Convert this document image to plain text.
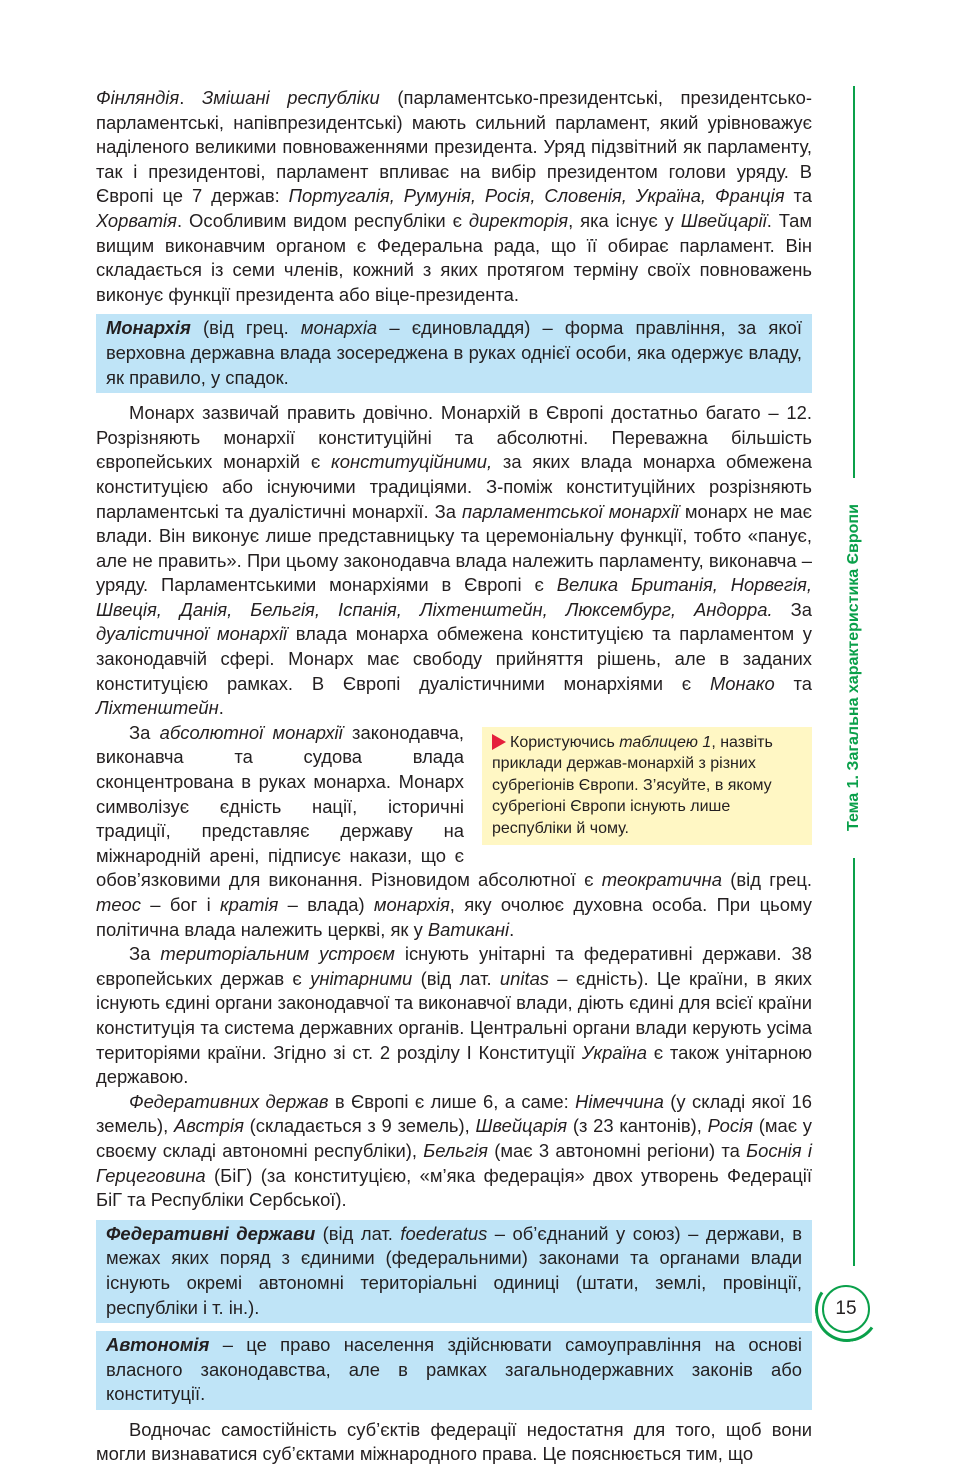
Тема 1. Загальна характеристика Європи

Фінляндія. Змішані республіки (парламентсько-президентські, президентсько-парламентські, напівпрезидентські) мають сильний парламент, який урівноважує наділеного великими повноваженнями президента. Уряд підзвітний як парламенту, так і президентові, парламент впливає на вибір президентом голови уряду. В Європі це 7 держав: Португалія, Румунія, Росія, Словенія, Україна, Франція та Хорватія. Особливим видом республіки є директорія, яка існує у Швейцарії. Там вищим виконавчим органом є Федеральна рада, що її обирає парламент. Він складається із семи членів, кожний з яких протягом терміну своїх повноважень виконує функції президента або віце-президента.

Монархія (від грец. монархіа – єдиновладдя) – форма правління, за якої верховна державна влада зосереджена в руках однієї особи, яка одержує владу, як правило, у спадок.

Монарх зазвичай править довічно. Монархій в Європі достатньо багато – 12. Розрізняють монархії конституційні та абсолютні. Переважна більшість європейських монархій є конституційними, за яких влада монарха обмежена конституцією або існуючими традиціями. З-поміж конституційних розрізняють парламентські та дуалістичні монархії. За парламентської монархії монарх не має влади. Він виконує лише представницьку та церемоніальну функції, тобто «панує, але не править». При цьому законодавча влада належить парламенту, виконавча – уряду. Парламентськими монархіями в Європі є Велика Британія, Норвегія, Швеція, Данія, Бельгія, Іспанія, Ліхтенштейн, Люксембург, Андорра. За дуалістичної монархії влада монарха обмежена конституцією та парламентом у законодавчій сфері. Монарх має свободу прийняття рішень, але в заданих конституцією рамках. В Європі дуалістичними монархіями є Монако та Ліхтенштейн.

Користуючись таблицею 1, назвіть приклади держав-монархій з різних субрегіонів Європи. З’ясуйте, в якому субрегіоні Європи існують лише республіки й чому.

За абсолютної монархії законодавча, виконавча та судова влада сконцентрована в руках монарха. Монарх символізує єдність нації, історичні традиції, представляє державу на міжнародній арені, підписує накази, що є обов’язковими для виконання. Різновидом абсолютної є теократична (від грец. теос – бог і кратія – влада) монархія, яку очолює духовна особа. При цьому політична влада належить церкві, як у Ватикані.

За територіальним устроєм існують унітарні та федеративні держави. 38 європейських держав є унітарними (від лат. unitas – єдність). Це країни, в яких існують єдині органи законодавчої та виконавчої влади, діють єдині для всієї країни конституція та система державних органів. Центральні органи влади керують усіма територіями країни. Згідно зі ст. 2 розділу І Конституції Україна є також унітарною державою.

Федеративних держав в Європі є лише 6, а саме: Німеччина (у складі якої 16 земель), Австрія (складається з 9 земель), Швейцарія (з 23 кантонів), Росія (має у своєму складі автономні республіки), Бельгія (має 3 автономні регіони) та Боснія і Герцеговина (БіГ) (за конституцією, «м’яка федерація» двох утворень Федерації БіГ та Республіки Сербської).

Федеративні держави (від лат. foederatus – об’єднаний у союз) – держави, в межах яких поряд з єдиними (федеральними) законами та органами влади існують окремі автономні територіальні одиниці (штати, землі, провінції, республіки і т. ін.).

Автономія – це право населення здійснювати самоуправління на основі власного законодавства, але в рамках загальнодержавних законів або конституції.

Водночас самостійність суб’єктів федерації недостатня для того, щоб вони могли визнаватися суб’єктами міжнародного права. Це пояснюється тим, що

15
